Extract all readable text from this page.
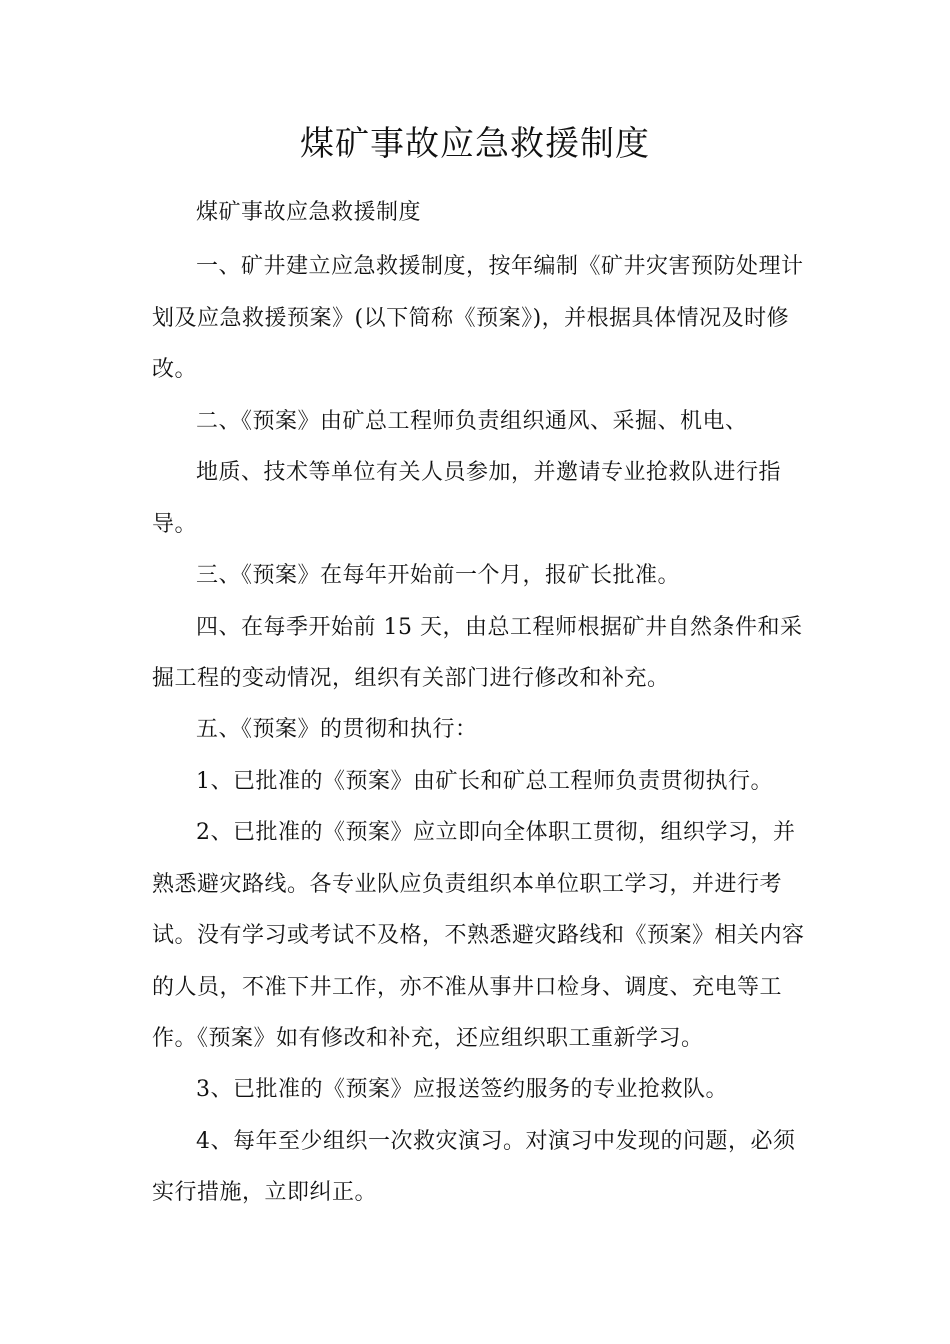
煤矿事故应急救援制度

煤矿事故应急救援制度

一、矿井建立应急救援制度，按年编制《矿井灾害预防处理计

划及应急救援预案》(以下简称《预案》)，并根据具体情况及时修

改。

二、《预案》由矿总工程师负责组织通风、采掘、机电、

地质、技术等单位有关人员参加，并邀请专业抢救队进行指

导。

三、《预案》在每年开始前一个月，报矿长批准。

四、在每季开始前 15 天，由总工程师根据矿井自然条件和采

掘工程的变动情况，组织有关部门进行修改和补充。

五、《预案》的贯彻和执行：

1、已批准的《预案》由矿长和矿总工程师负责贯彻执行。

2、已批准的《预案》应立即向全体职工贯彻，组织学习，并

熟悉避灾路线。各专业队应负责组织本单位职工学习，并进行考

试。没有学习或考试不及格，不熟悉避灾路线和《预案》相关内容

的人员，不准下井工作，亦不准从事井口检身、调度、充电等工

作。《预案》如有修改和补充，还应组织职工重新学习。

3、已批准的《预案》应报送签约服务的专业抢救队。

4、每年至少组织一次救灾演习。对演习中发现的问题，必须

实行措施，立即纠正。
